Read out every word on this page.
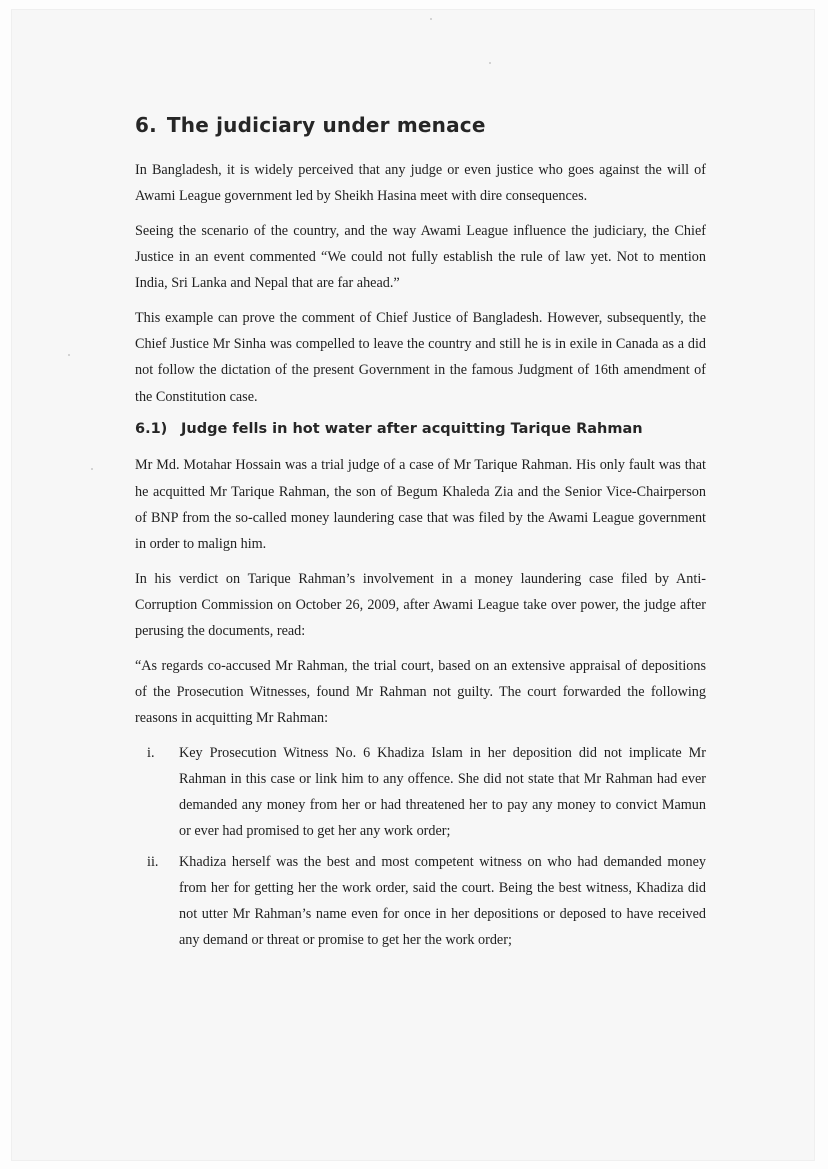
6. The judiciary under menace

In Bangladesh, it is widely perceived that any judge or even justice who goes against the will of Awami League government led by Sheikh Hasina meet with dire consequences.

Seeing the scenario of the country, and the way Awami League influence the judiciary, the Chief Justice in an event commented “We could not fully establish the rule of law yet. Not to mention India, Sri Lanka and Nepal that are far ahead.”

This example can prove the comment of Chief Justice of Bangladesh. However, subsequently, the Chief Justice Mr Sinha was compelled to leave the country and still he is in exile in Canada as a did not follow the dictation of the present Government in the famous Judgment of 16th amendment of the Constitution case.

6.1) Judge fells in hot water after acquitting Tarique Rahman

Mr Md. Motahar Hossain was a trial judge of a case of Mr Tarique Rahman. His only fault was that he acquitted Mr Tarique Rahman, the son of Begum Khaleda Zia and the Senior Vice-Chairperson of BNP from the so-called money laundering case that was filed by the Awami League government in order to malign him.

In his verdict on Tarique Rahman’s involvement in a money laundering case filed by Anti-Corruption Commission on October 26, 2009, after Awami League take over power, the judge after perusing the documents, read:

“As regards co-accused Mr Rahman, the trial court, based on an extensive appraisal of depositions of the Prosecution Witnesses, found Mr Rahman not guilty. The court forwarded the following reasons in acquitting Mr Rahman:

i. Key Prosecution Witness No. 6 Khadiza Islam in her deposition did not implicate Mr Rahman in this case or link him to any offence. She did not state that Mr Rahman had ever demanded any money from her or had threatened her to pay any money to convict Mamun or ever had promised to get her any work order;
ii. Khadiza herself was the best and most competent witness on who had demanded money from her for getting her the work order, said the court. Being the best witness, Khadiza did not utter Mr Rahman’s name even for once in her depositions or deposed to have received any demand or threat or promise to get her the work order;
